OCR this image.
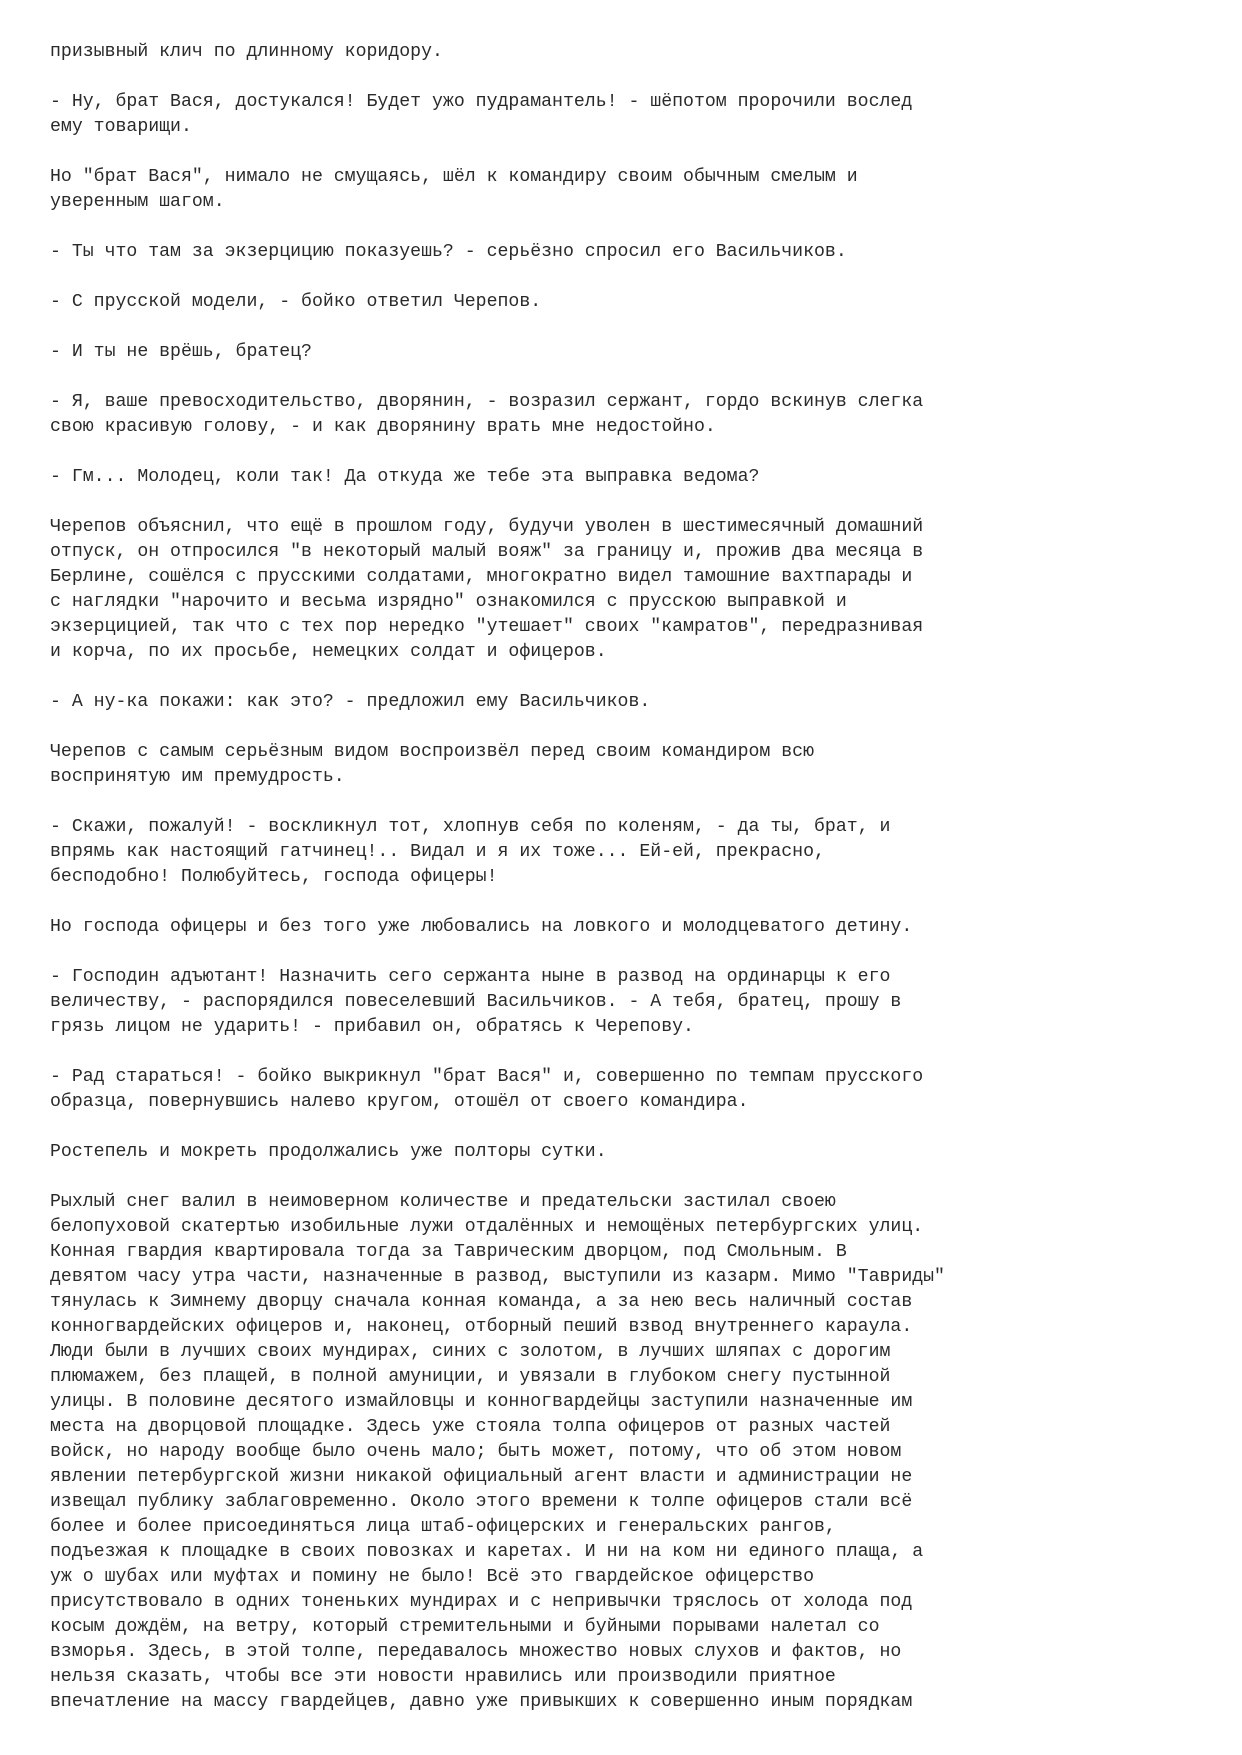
призывный клич по длинному коридору.
- Ну, брат Вася, достукался! Будет ужо пудрамантель! - шёпотом пророчили вослед
ему товарищи.
Но "брат Вася", нимало не смущаясь, шёл к командиру своим обычным смелым и
уверенным шагом.
- Ты что там за экзерцицию показуешь? - серьёзно спросил его Васильчиков.
- С прусской модели, - бойко ответил Черепов.
- И ты не врёшь, братец?
- Я, ваше превосходительство, дворянин, - возразил сержант, гордо вскинув слегка
свою красивую голову, - и как дворянину врать мне недостойно.
- Гм... Молодец, коли так! Да откуда же тебе эта выправка ведома?
Черепов объяснил, что ещё в прошлом году, будучи уволен в шестимесячный домашний
отпуск, он отпросился "в некоторый малый вояж" за границу и, прожив два месяца в
Берлине, сошёлся с прусскими солдатами, многократно видел тамошние вахтпарады и
с наглядки "нарочито и весьма изрядно" ознакомился с прусскою выправкой и
экзерцицией, так что с тех пор нередко "утешает" своих "камратов", передразнивая
и корча, по их просьбе, немецких солдат и офицеров.
- А ну-ка покажи: как это? - предложил ему Васильчиков.
Черепов с самым серьёзным видом воспроизвёл перед своим командиром всю
воспринятую им премудрость.
- Скажи, пожалуй! - воскликнул тот, хлопнув себя по коленям, - да ты, брат, и
впрямь как настоящий гатчинец!.. Видал и я их тоже... Ей-ей, прекрасно,
бесподобно! Полюбуйтесь, господа офицеры!
Но господа офицеры и без того уже любовались на ловкого и молодцеватого детину.
- Господин адъютант! Назначить сего сержанта ныне в развод на ординарцы к его
величеству, - распорядился повеселевший Васильчиков. - А тебя, братец, прошу в
грязь лицом не ударить! - прибавил он, обратясь к Черепову.
- Рад стараться! - бойко выкрикнул "брат Вася" и, совершенно по темпам прусского
образца, повернувшись налево кругом, отошёл от своего командира.
Ростепель и мокреть продолжались уже полторы сутки.
Рыхлый снег валил в неимоверном количестве и предательски застилал своею
белопуховой скатертью изобильные лужи отдалённых и немощёных петербургских улиц.
Конная гвардия квартировала тогда за Таврическим дворцом, под Смольным. В
девятом часу утра части, назначенные в развод, выступили из казарм. Мимо "Тавриды"
тянулась к Зимнему дворцу сначала конная команда, а за нею весь наличный состав
конногвардейских офицеров и, наконец, отборный пеший взвод внутреннего караула.
Люди были в лучших своих мундирах, синих с золотом, в лучших шляпах с дорогим
плюмажем, без плащей, в полной амуниции, и увязали в глубоком снегу пустынной
улицы. В половине десятого измайловцы и конногвардейцы заступили назначенные им
места на дворцовой площадке. Здесь уже стояла толпа офицеров от разных частей
войск, но народу вообще было очень мало; быть может, потому, что об этом новом
явлении петербургской жизни никакой официальный агент власти и администрации не
извещал публику заблаговременно. Около этого времени к толпе офицеров стали всё
более и более присоединяться лица штаб-офицерских и генеральских рангов,
подъезжая к площадке в своих повозках и каретах. И ни на ком ни единого плаща, а
уж о шубах или муфтах и помину не было! Всё это гвардейское офицерство
присутствовало в одних тоненьких мундирах и с непривычки тряслось от холода под
косым дождём, на ветру, который стремительными и буйными порывами налетал со
взморья. Здесь, в этой толпе, передавалось множество новых слухов и фактов, но
нельзя сказать, чтобы все эти новости нравились или производили приятное
впечатление на массу гвардейцев, давно уже привыкших к совершенно иным порядкам
